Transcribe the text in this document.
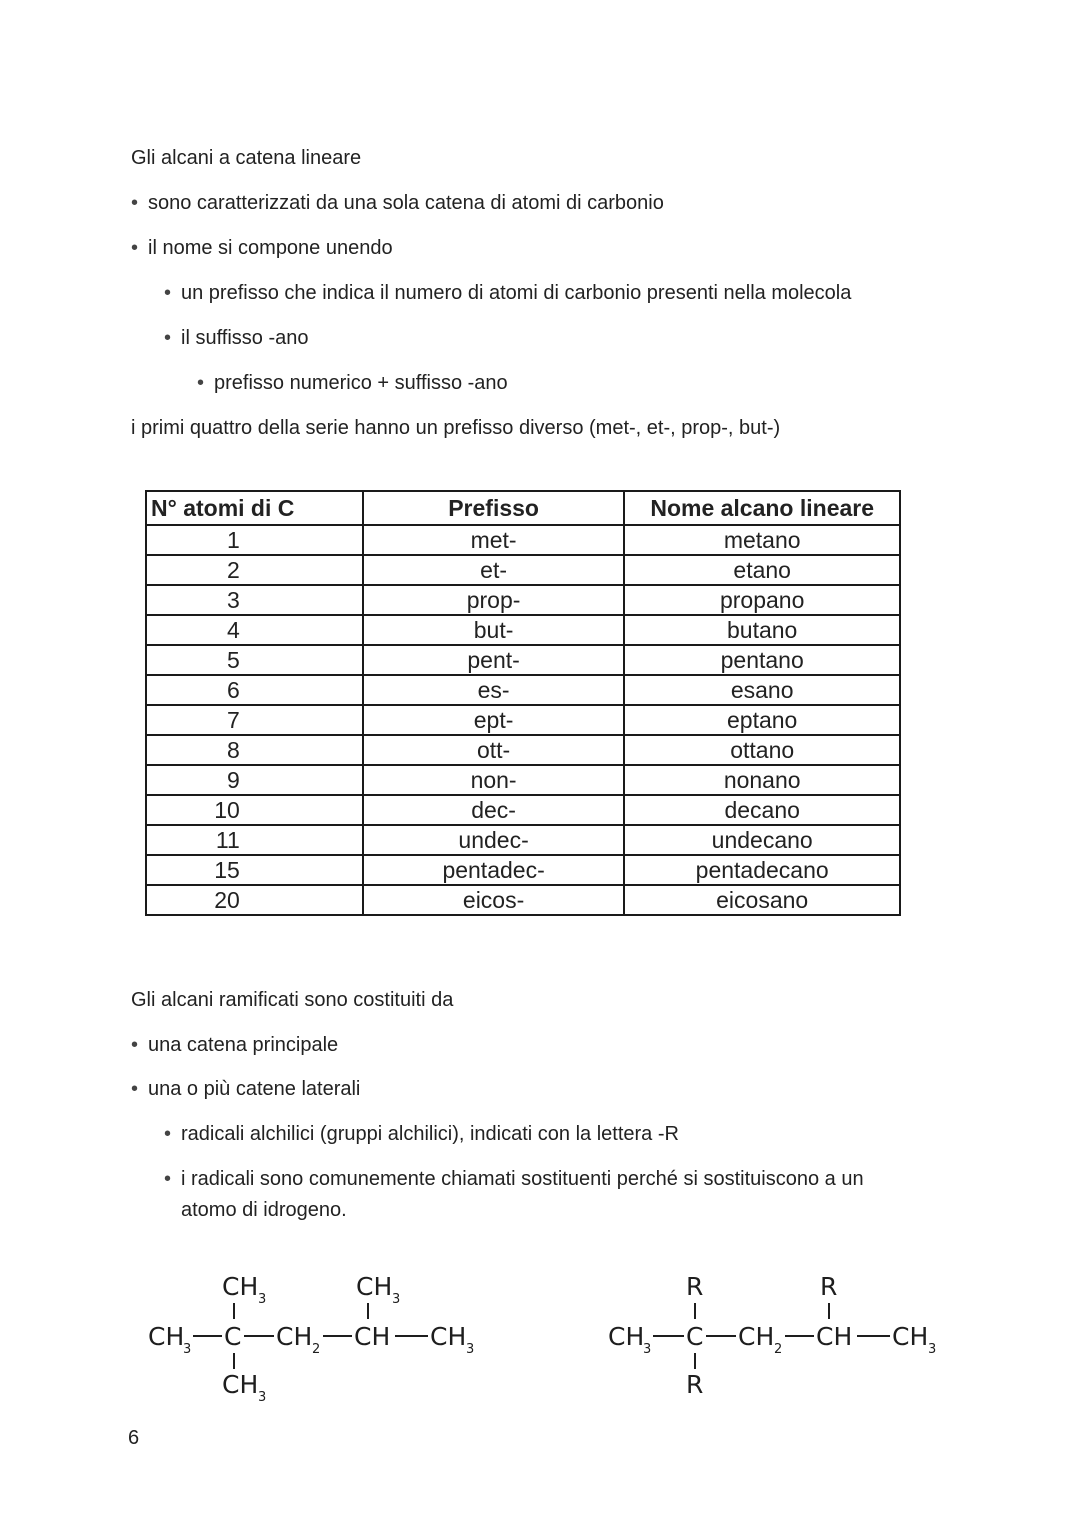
Gli alcani a catena lineare
• sono caratterizzati da una sola catena di atomi di carbonio
• il nome si compone unendo
• un prefisso che indica il numero di atomi di carbonio presenti nella molecola
• il suffisso -ano
• prefisso numerico + suffisso -ano
i primi quattro della serie hanno un prefisso diverso (met-, et-, prop-, but-)
N° atomi di C	Prefisso	Nome alcano lineare
1	met-	metano
2	et-	etano
3	prop-	propano
4	but-	butano
5	pent-	pentano
6	es-	esano
7	ept-	eptano
8	ott-	ottano
9	non-	nonano
10	dec-	decano
11	undec-	undecano
15	pentadec-	pentadecano
20	eicos-	eicosano
Gli alcani ramificati sono costituiti da
• una catena principale
• una o più catene laterali
• radicali alchilici (gruppi alchilici), indicati con la lettera -R
• i radicali sono comunemente chiamati sostituenti perché si sostituiscono a un
atomo di idrogeno.
CH 3	CH 3
CH
3 C CH 2 CH CH 3
CH 3
R	R
CH
3 C CH 2 CH CH 3
R
6
